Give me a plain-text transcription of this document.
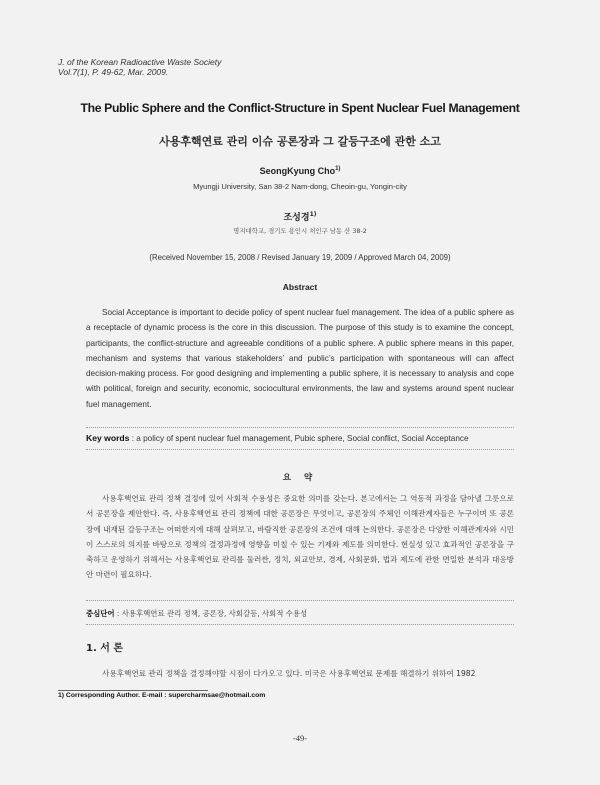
J. of the Korean Radioactive Waste Society
Vol.7(1), P. 49-62, Mar. 2009.
The Public Sphere and the Conflict-Structure in Spent Nuclear Fuel Management
사용후핵연료 관리 이슈 공론장과 그 갈등구조에 관한 소고
SeongKyung Cho$^{1)}$
Myungji University, San 38-2 Nam-dong, Cheoin-gu, Yongin-city
조성경$^{1)}$
명지대학교, 경기도 용인시 처인구 남동 산 38-2
(Received November 15, 2008 / Revised January 19, 2009 / Approved March 04, 2009)
Abstract

Social Acceptance is important to decide policy of spent nuclear fuel management. The idea of a public sphere as a receptacle of dynamic process is the core in this discussion. The purpose of this study is to examine the concept, participants, the conflict-structure and agreeable conditions of a public sphere. A public sphere means in this paper, mechanism and systems that various stakeholders’ and public’s participation with spontaneous will can affect decision-making process. For good designing and implementing a public sphere, it is necessary to analysis and cope with political, foreign and security, economic, sociocultural environments, the law and systems around spent nuclear fuel management.

Key words : a policy of spent nuclear fuel management, Pubic sphere, Social conflict, Social Acceptance
요 약

사용후핵연료 관리 정책 결정에 있어 사회적 수용성은 중요한 의미를 갖는다. 본고에서는 그 역동적 과정을 담아낼 그릇으로서 공론장을 제안한다. 즉, 사용후핵연료 관리 정책에 대한 공론장은 무엇이고, 공론장의 주체인 이해관계자들은 누구이며 또 공론장에 내재된 갈등구조는 어떠한지에 대해 살펴보고, 바람직한 공론장의 조건에 대해 논의한다. 공론장은 다양한 이해관계자와 시민이 스스로의 의지를 바탕으로 정책의 결정과정에 영향을 미칠 수 있는 기제와 제도를 의미한다. 현실성 있고 효과적인 공론장을 구축하고 운영하기 위해서는 사용후핵연료 관리를 둘러싼, 정치, 외교안보, 경제, 사회문화, 법과 제도에 관한 면밀한 분석과 대응방안 마련이 필요하다.

중심단어 : 사용후핵연료 관리 정책, 공론장, 사회갈등, 사회적 수용성
1. 서 론

사용후핵연료 관리 정책을 결정해야할 시점이 다가오고 있다. 미국은 사용후핵연료 문제를 해결하기 위하여 1982

1) Corresponding Author. E-mail : supercharmsae@hotmail.com
-49-
